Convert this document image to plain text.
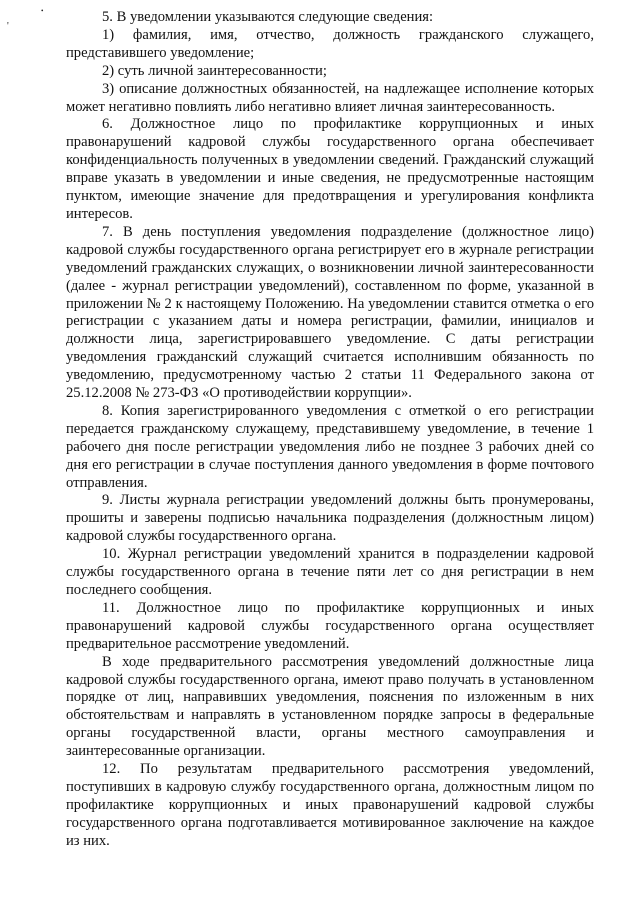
'
•	5. В уведомлении указываются следующие сведения:

1) фамилия, имя, отчество, должность гражданского служащего, представившего уведомление;

2) суть личной заинтересованности;

3) описание должностных обязанностей, на надлежащее исполнение которых может негативно повлиять либо негативно влияет личная заинтересованность.

6. Должностное лицо по профилактике коррупционных и иных правонарушений кадровой службы государственного органа обеспечивает конфиденциальность полученных в уведомлении сведений. Гражданский служащий вправе указать в уведомлении и иные сведения, не предусмотренные настоящим пунктом, имеющие значение для предотвращения и урегулирования конфликта интересов.

7. В день поступления уведомления подразделение (должностное лицо) кадровой службы государственного органа регистрирует его в журнале регистрации уведомлений гражданских служащих, о возникновении личной заинтересованности (далее - журнал регистрации уведомлений), составленном по форме, указанной в приложении № 2 к настоящему Положению. На уведомлении ставится отметка о его регистрации с указанием даты и номера регистрации, фамилии, инициалов и должности лица, зарегистрировавшего уведомление. С даты регистрации уведомления гражданский служащий считается исполнившим обязанность по уведомлению, предусмотренному частью 2 статьи 11 Федерального закона от 25.12.2008 № 273-ФЗ «О противодействии коррупции».

8. Копия зарегистрированного уведомления с отметкой о его регистрации передается гражданскому служащему, представившему уведомление, в течение 1 рабочего дня после регистрации уведомления либо не позднее 3 рабочих дней со дня его регистрации в случае поступления данного уведомления в форме почтового отправления.

9. Листы журнала регистрации уведомлений должны быть пронумерованы, прошиты и заверены подписью начальника подразделения (должностным лицом) кадровой службы государственного органа.

10. Журнал регистрации уведомлений хранится в подразделении кадровой службы государственного органа в течение пяти лет со дня регистрации в нем последнего сообщения.

11. Должностное лицо по профилактике коррупционных и иных правонарушений кадровой службы государственного органа осуществляет предварительное рассмотрение уведомлений.

В ходе предварительного рассмотрения уведомлений должностные лица кадровой службы государственного органа, имеют право получать в установленном порядке от лиц, направивших уведомления, пояснения по изложенным в них обстоятельствам и направлять в установленном порядке запросы в федеральные органы государственной власти, органы местного самоуправления и заинтересованные организации.

12. По результатам предварительного рассмотрения уведомлений, поступивших в кадровую службу государственного органа, должностным лицом по профилактике коррупционных и иных правонарушений кадровой службы государственного органа подготавливается мотивированное заключение на каждое из них.
